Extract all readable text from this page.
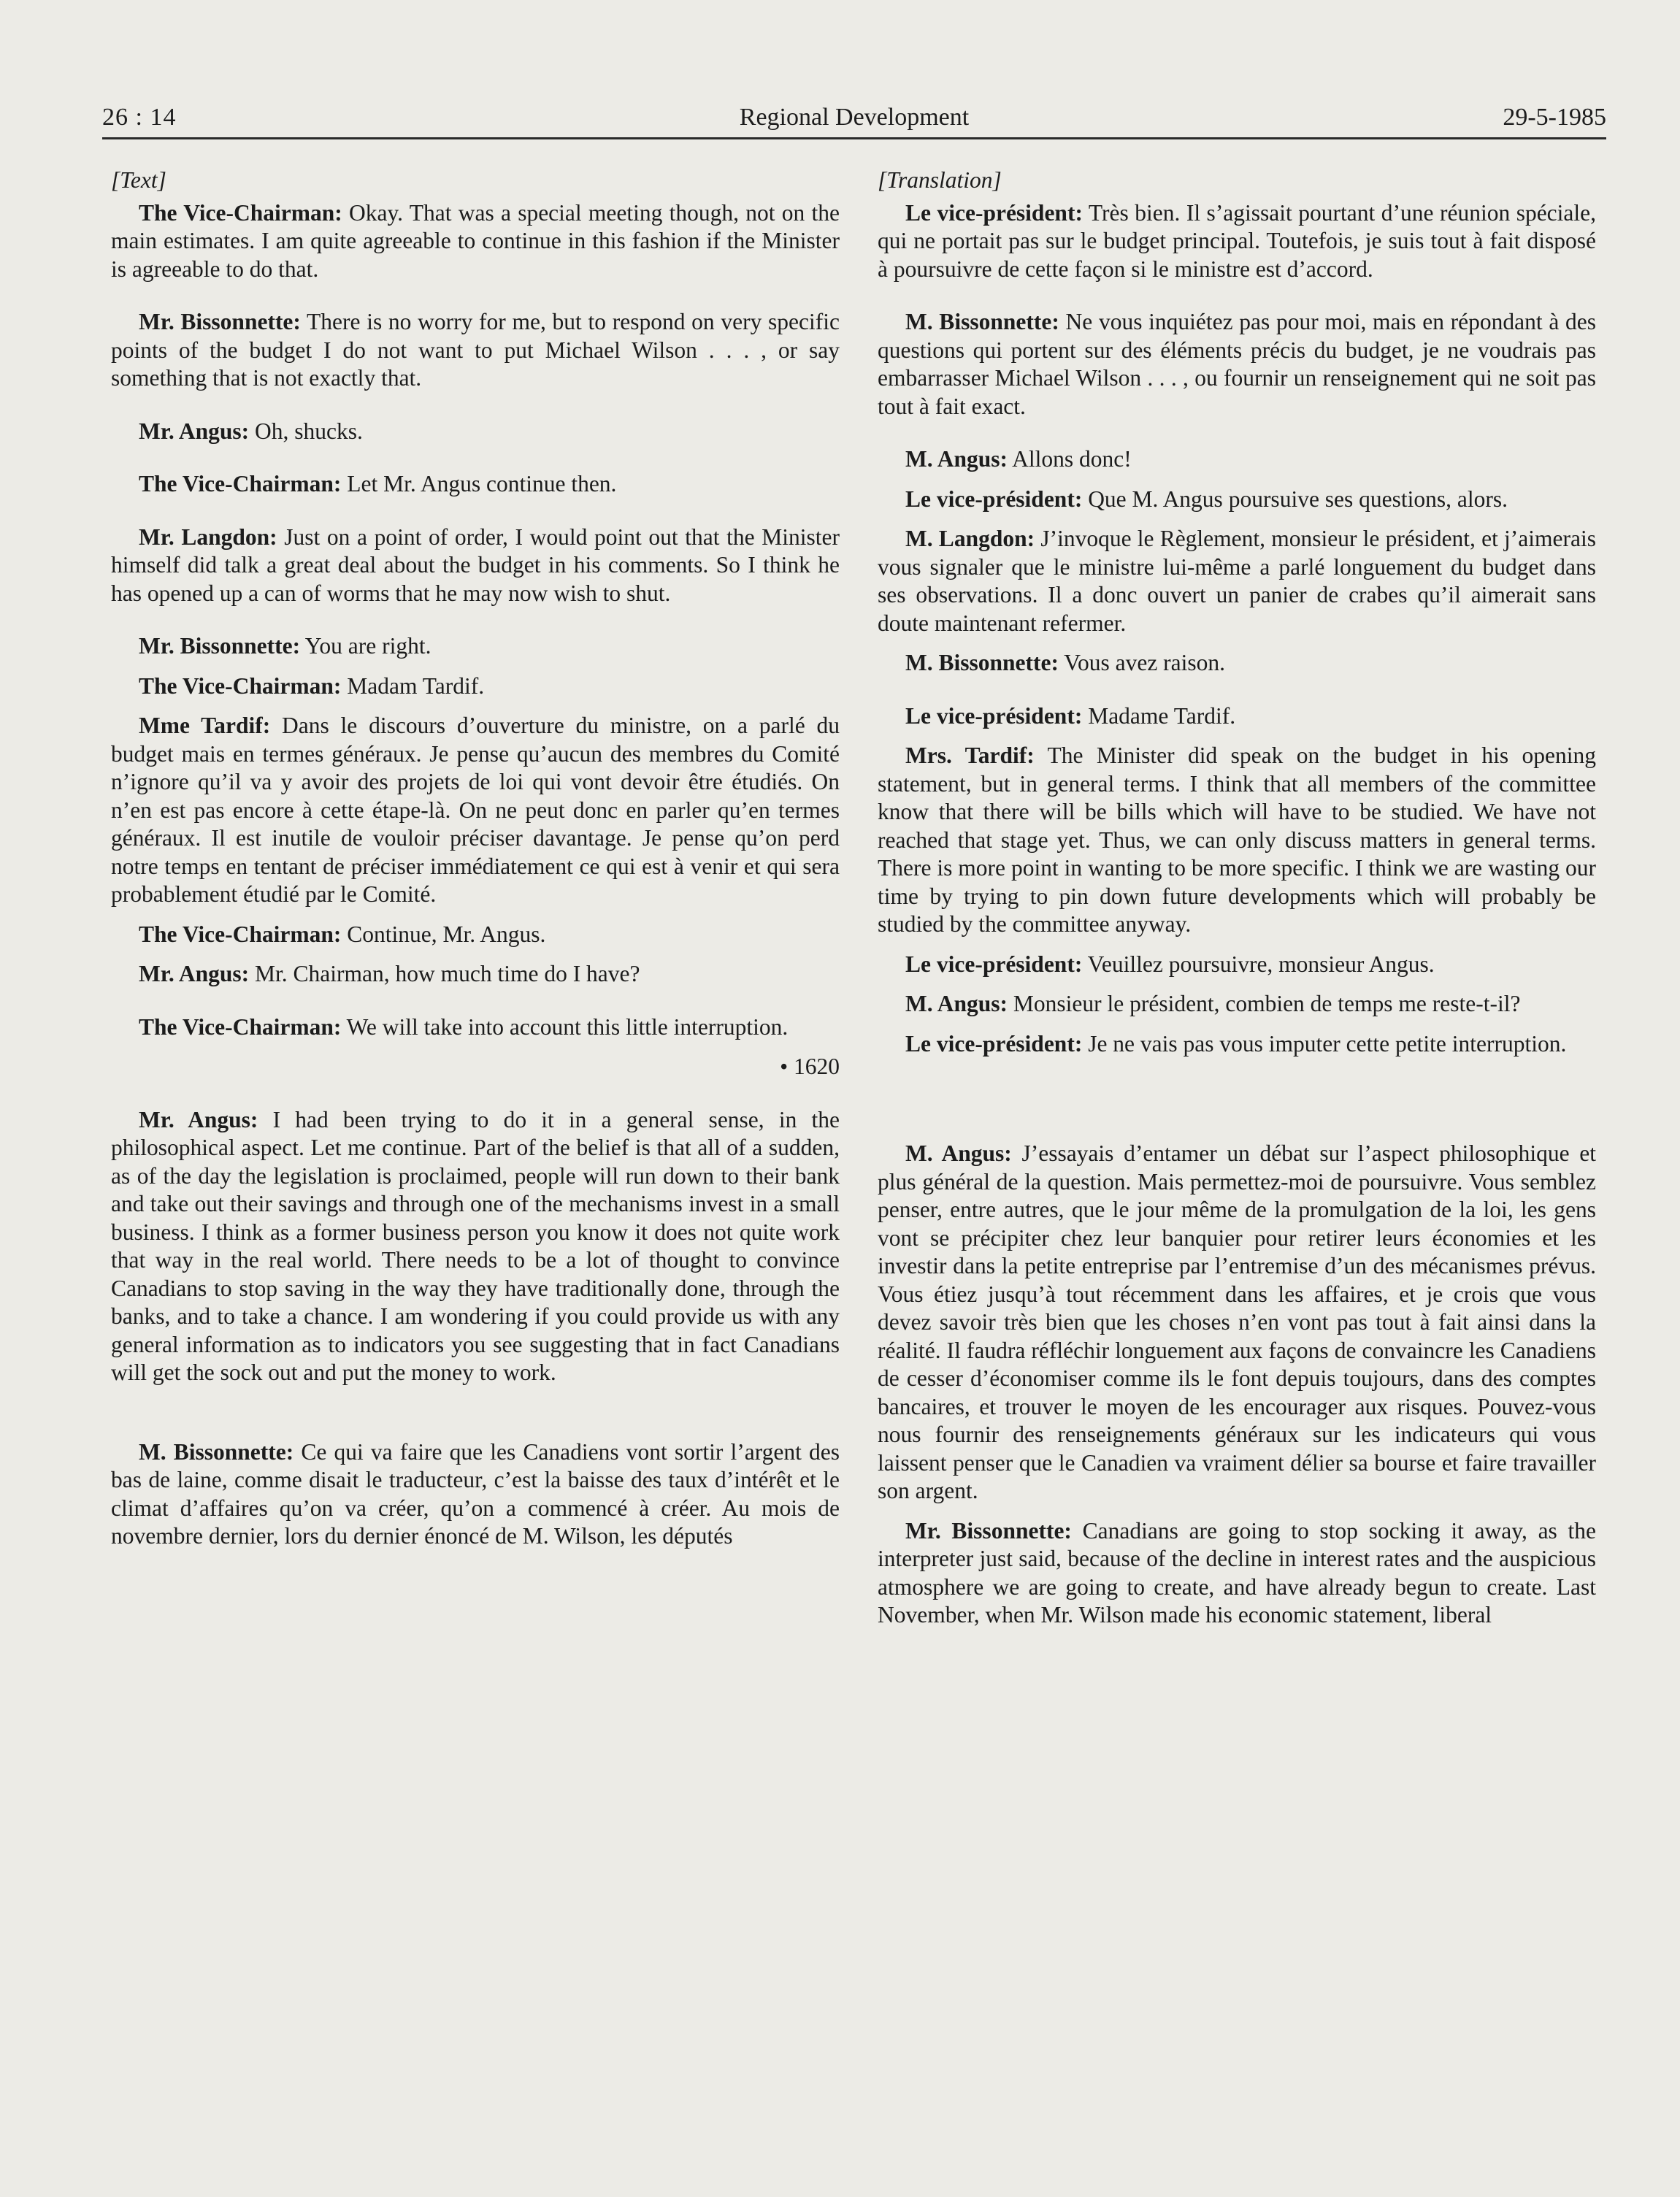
26 : 14	Regional Development	29-5-1985
[Text]

The Vice-Chairman: Okay. That was a special meeting though, not on the main estimates. I am quite agreeable to continue in this fashion if the Minister is agreeable to do that.

Mr. Bissonnette: There is no worry for me, but to respond on very specific points of the budget I do not want to put Michael Wilson . . . , or say something that is not exactly that.

Mr. Angus: Oh, shucks.

The Vice-Chairman: Let Mr. Angus continue then.

Mr. Langdon: Just on a point of order, I would point out that the Minister himself did talk a great deal about the budget in his comments. So I think he has opened up a can of worms that he may now wish to shut.

Mr. Bissonnette: You are right.

The Vice-Chairman: Madam Tardif.

Mme Tardif: Dans le discours d’ouverture du ministre, on a parlé du budget mais en termes généraux. Je pense qu’aucun des membres du Comité n’ignore qu’il va y avoir des projets de loi qui vont devoir être étudiés. On n’en est pas encore à cette étape-là. On ne peut donc en parler qu’en termes généraux. Il est inutile de vouloir préciser davantage. Je pense qu’on perd notre temps en tentant de préciser immédiatement ce qui est à venir et qui sera probablement étudié par le Comité.

The Vice-Chairman: Continue, Mr. Angus.

Mr. Angus: Mr. Chairman, how much time do I have?

The Vice-Chairman: We will take into account this little interruption.

• 1620

Mr. Angus: I had been trying to do it in a general sense, in the philosophical aspect. Let me continue. Part of the belief is that all of a sudden, as of the day the legislation is proclaimed, people will run down to their bank and take out their savings and through one of the mechanisms invest in a small business. I think as a former business person you know it does not quite work that way in the real world. There needs to be a lot of thought to convince Canadians to stop saving in the way they have traditionally done, through the banks, and to take a chance. I am wondering if you could provide us with any general information as to indicators you see suggesting that in fact Canadians will get the sock out and put the money to work.

M. Bissonnette: Ce qui va faire que les Canadiens vont sortir l’argent des bas de laine, comme disait le traducteur, c’est la baisse des taux d’intérêt et le climat d’affaires qu’on va créer, qu’on a commencé à créer. Au mois de novembre dernier, lors du dernier énoncé de M. Wilson, les députés

[Translation]

Le vice-président: Très bien. Il s’agissait pourtant d’une réunion spéciale, qui ne portait pas sur le budget principal. Toutefois, je suis tout à fait disposé à poursuivre de cette façon si le ministre est d’accord.

M. Bissonnette: Ne vous inquiétez pas pour moi, mais en répondant à des questions qui portent sur des éléments précis du budget, je ne voudrais pas embarrasser Michael Wilson . . . , ou fournir un renseignement qui ne soit pas tout à fait exact.

M. Angus: Allons donc!

Le vice-président: Que M. Angus poursuive ses questions, alors.

M. Langdon: J’invoque le Règlement, monsieur le président, et j’aimerais vous signaler que le ministre lui-même a parlé longuement du budget dans ses observations. Il a donc ouvert un panier de crabes qu’il aimerait sans doute maintenant refermer.

M. Bissonnette: Vous avez raison.

Le vice-président: Madame Tardif.

Mrs. Tardif: The Minister did speak on the budget in his opening statement, but in general terms. I think that all members of the committee know that there will be bills which will have to be studied. We have not reached that stage yet. Thus, we can only discuss matters in general terms. There is more point in wanting to be more specific. I think we are wasting our time by trying to pin down future developments which will probably be studied by the committee anyway.

Le vice-président: Veuillez poursuivre, monsieur Angus.

M. Angus: Monsieur le président, combien de temps me reste-t-il?

Le vice-président: Je ne vais pas vous imputer cette petite interruption.

M. Angus: J’essayais d’entamer un débat sur l’aspect philosophique et plus général de la question. Mais permettez-moi de poursuivre. Vous semblez penser, entre autres, que le jour même de la promulgation de la loi, les gens vont se précipiter chez leur banquier pour retirer leurs économies et les investir dans la petite entreprise par l’entremise d’un des mécanismes prévus. Vous étiez jusqu’à tout récemment dans les affaires, et je crois que vous devez savoir très bien que les choses n’en vont pas tout à fait ainsi dans la réalité. Il faudra réfléchir longuement aux façons de convaincre les Canadiens de cesser d’économiser comme ils le font depuis toujours, dans des comptes bancaires, et trouver le moyen de les encourager aux risques. Pouvez-vous nous fournir des renseignements généraux sur les indicateurs qui vous laissent penser que le Canadien va vraiment délier sa bourse et faire travailler son argent.

Mr. Bissonnette: Canadians are going to stop socking it away, as the interpreter just said, because of the decline in interest rates and the auspicious atmosphere we are going to create, and have already begun to create. Last November, when Mr. Wilson made his economic statement, liberal
